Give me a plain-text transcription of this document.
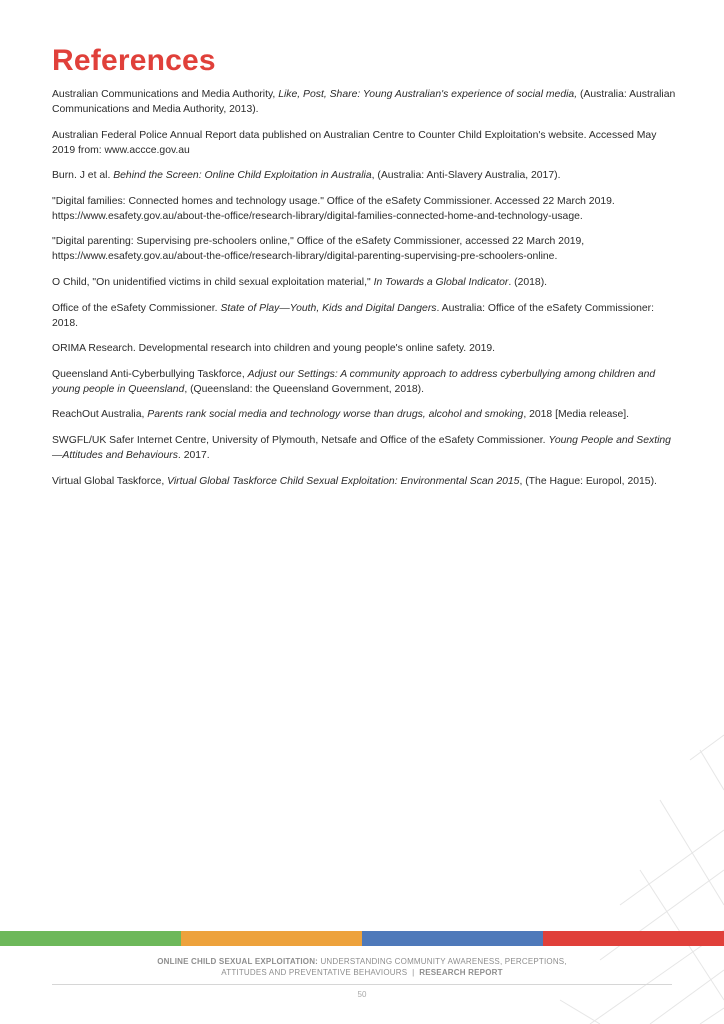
References

Australian Communications and Media Authority, Like, Post, Share: Young Australian's experience of social media, (Australia: Australian Communications and Media Authority, 2013).

Australian Federal Police Annual Report data published on Australian Centre to Counter Child Exploitation's website. Accessed May 2019 from: www.accce.gov.au

Burn. J et al. Behind the Screen: Online Child Exploitation in Australia, (Australia: Anti-Slavery Australia, 2017).

"Digital families: Connected homes and technology usage." Office of the eSafety Commissioner. Accessed 22 March 2019. https://www.esafety.gov.au/about-the-office/research-library/digital-families-connected-home-and-technology-usage.

"Digital parenting: Supervising pre-schoolers online," Office of the eSafety Commissioner, accessed 22 March 2019, https://www.esafety.gov.au/about-the-office/research-library/digital-parenting-supervising-pre-schoolers-online.

O Child, "On unidentified victims in child sexual exploitation material," In Towards a Global Indicator. (2018).

Office of the eSafety Commissioner. State of Play—Youth, Kids and Digital Dangers. Australia: Office of the eSafety Commissioner: 2018.

ORIMA Research. Developmental research into children and young people's online safety. 2019.

Queensland Anti-Cyberbullying Taskforce, Adjust our Settings: A community approach to address cyberbullying among children and young people in Queensland, (Queensland: the Queensland Government, 2018).

ReachOut Australia, Parents rank social media and technology worse than drugs, alcohol and smoking, 2018 [Media release].

SWGFL/UK Safer Internet Centre, University of Plymouth, Netsafe and Office of the eSafety Commissioner. Young People and Sexting—Attitudes and Behaviours. 2017.

Virtual Global Taskforce, Virtual Global Taskforce Child Sexual Exploitation: Environmental Scan 2015, (The Hague: Europol, 2015).

ONLINE CHILD SEXUAL EXPLOITATION: UNDERSTANDING COMMUNITY AWARENESS, PERCEPTIONS,
ATTITUDES AND PREVENTATIVE BEHAVIOURS | RESEARCH REPORT
50
